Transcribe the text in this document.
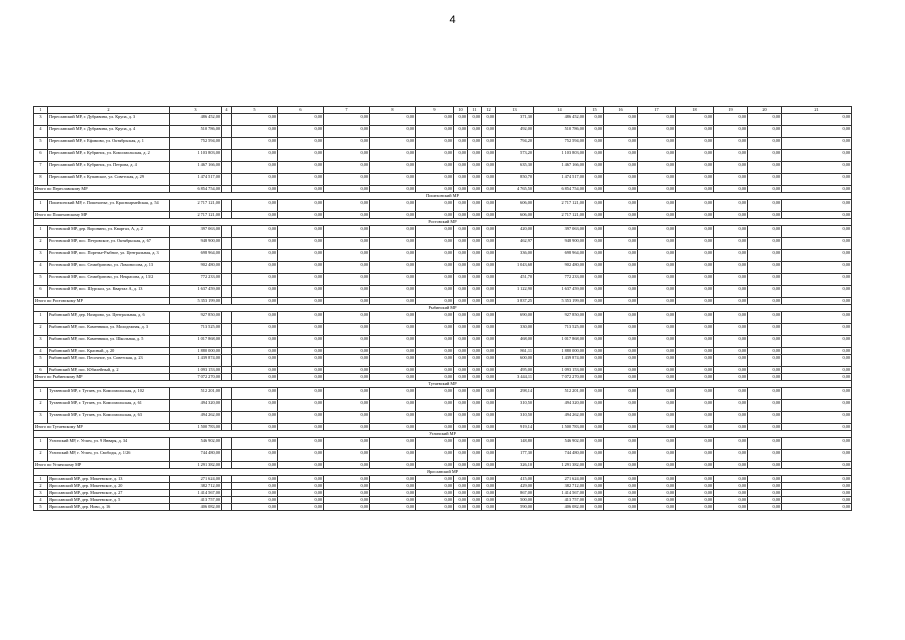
4
1	2	3	4	5	6	7	8	9	10	11	12	13	14	15	16	17	18	19	20	21
3	Переславский МР, г. Дубравина, ул. Крупа, д. 3	486 452,00		0,00	0,00	0,00	0,00	0,00	0,00	0,00	0,00	371,30	486 452,00	0,00	0,00	0,00	0,00	0,00	0,00	0,00
4	Переславский МР, г. Дубравина, ул. Крупа, д. 4	510 786,00		0,00	0,00	0,00	0,00	0,00	0,00	0,00	0,00	492,00	510 786,00	0,00	0,00	0,00	0,00	0,00	0,00	0,00
5	Переславский МР, г. Ефимово, ул. Октябрьская, д. 1	752 594,00		0,00	0,00	0,00	0,00	0,00	0,00	0,00	0,00	794,20	752 594,00	0,00	0,00	0,00	0,00	0,00	0,00	0,00
6	Переславский МР, г. Кубринск, ул. Комсомольская, д. 2	1 103 803,00		0,00	0,00	0,00	0,00	0,00	0,00	0,00	0,00	573,20	1 103 803,00	0,00	0,00	0,00	0,00	0,00	0,00	0,00
7	Переславский МР, г. Кубринск, ул. Петрова, д. 4	1 467 166,00		0,00	0,00	0,00	0,00	0,00	0,00	0,00	0,00	635,30	1 467 166,00	0,00	0,00	0,00	0,00	0,00	0,00	0,00
8	Переславский МР, г. Купанское, ул. Советская, д. 29	1 474 517,00		0,00	0,00	0,00	0,00	0,00	0,00	0,00	0,00	850,70	1 474 517,00	0,00	0,00	0,00	0,00	0,00	0,00	0,00
Итого по Переславскому МР		6 854 754,00		0,00	0,00	0,00	0,00	0,00	0,00	0,00	0,00	4 765,50	6 854 754,00	0,00	0,00	0,00	0,00	0,00	0,00	0,00
Пошехонский МР																				
1	Пошехонский МР, г. Пошехонье, ул. Красноармейская, д. 54	2 717 121,00		0,00	0,00	0,00	0,00	0,00	0,00	0,00	0,00	606,00	2 717 121,00	0,00	0,00	0,00	0,00	0,00	0,00	0,00
Итого по Пошехонскому МР		2 717 121,00		0,00	0,00	0,00	0,00	0,00	0,00	0,00	0,00	606,00	2 717 121,00	0,00	0,00	0,00	0,00	0,00	0,00	0,00
Ростовский МР																				
1	Ростовский МР, дер. Воронино, ул. Квартал, А, д. 2	397 063,00		0,00	0,00	0,00	0,00	0,00	0,00	0,00	0,00	420,00	397 063,00	0,00	0,00	0,00	0,00	0,00	0,00	0,00
2	Ростовский МР, пос. Петровское, ул. Октябрьская, д. 67	948 900,00		0,00	0,00	0,00	0,00	0,00	0,00	0,00	0,00	462,97	948 900,00	0,00	0,00	0,00	0,00	0,00	0,00	0,00
3	Ростовский МР, пос. Поречье-Рыбное, ул. Центральная, д. 3	698 964,00		0,00	0,00	0,00	0,00	0,00	0,00	0,00	0,00	336,00	698 964,00	0,00	0,00	0,00	0,00	0,00	0,00	0,00
4	Ростовский МР, пос. Семибратово, ул. Ломоносова, д. 13	902 480,00		0,00	0,00	0,00	0,00	0,00	0,00	0,00	0,00	1 043,68	902 480,00	0,00	0,00	0,00	0,00	0,00	0,00	0,00
5	Ростовский МР, пос. Семибратово, ул. Некрасова, д. 13/2	772 233,00		0,00	0,00	0,00	0,00	0,00	0,00	0,00	0,00	451,70	772 233,00	0,00	0,00	0,00	0,00	0,00	0,00	0,00
6	Ростовский МР, пос. Шурскол, ул. Квартал А, д. 13	1 637 459,00		0,00	0,00	0,00	0,00	0,00	0,00	0,00	0,00	1 122,90	1 637 459,00	0,00	0,00	0,00	0,00	0,00	0,00	0,00
Итого по Ростовскому МР		5 353 199,00		0,00	0,00	0,00	0,00	0,00	0,00	0,00	0,00	3 837,25	5 353 199,00	0,00	0,00	0,00	0,00	0,00	0,00	0,00
Рыбинский МР																				
1	Рыбинский МР, дер. Назарово, ул. Центральная, д. 6	927 850,00		0,00	0,00	0,00	0,00	0,00	0,00	0,00	0,00	690,00	927 850,00	0,00	0,00	0,00	0,00	0,00	0,00	0,00
2	Рыбинский МР, пос. Каменники, ул. Молодежная, д. 3	713 525,00		0,00	0,00	0,00	0,00	0,00	0,00	0,00	0,00	330,00	713 525,00	0,00	0,00	0,00	0,00	0,00	0,00	0,00
3	Рыбинский МР, пос. Каменники, ул. Школьная, д. 5	1 017 868,00		0,00	0,00	0,00	0,00	0,00	0,00	0,00	0,00	468,00	1 017 868,00	0,00	0,00	0,00	0,00	0,00	0,00	0,00
4	Рыбинский МР, пос. Красный, д. 20	1 880 000,00		0,00	0,00	0,00	0,00	0,00	0,00	0,00	0,00	861,11	1 880 000,00	0,00	0,00	0,00	0,00	0,00	0,00	0,00
5	Рыбинский МР, пос. Песочное, ул. Советская, д. 23	1 439 874,00		0,00	0,00	0,00	0,00	0,00	0,00	0,00	0,00	600,00	1 439 874,00	0,00	0,00	0,00	0,00	0,00	0,00	0,00
6	Рыбинский МР, пос. Юбилейный, д. 2	1 093 153,00		0,00	0,00	0,00	0,00	0,00	0,00	0,00	0,00	495,00	1 093 153,00	0,00	0,00	0,00	0,00	0,00	0,00	0,00
Итого по Рыбинскому МР		7 072 270,00		0,00	0,00	0,00	0,00	0,00	0,00	0,00	0,00	3 444,11	7 072 270,00	0,00	0,00	0,00	0,00	0,00	0,00	0,00
Тутаевский МР																				
1	Тутаевский МР, г. Тутаев, ул. Комсомольская, д. 102	512 201,00		0,00	0,00	0,00	0,00	0,00	0,00	0,00	0,00	298,14	512 201,00	0,00	0,00	0,00	0,00	0,00	0,00	0,00
2	Тутаевский МР, г. Тутаев, ул. Комсомольская, д. 61	494 320,00		0,00	0,00	0,00	0,00	0,00	0,00	0,00	0,00	310,50	494 320,00	0,00	0,00	0,00	0,00	0,00	0,00	0,00
3	Тутаевский МР, г. Тутаев, ул. Комсомольская, д. 63	494 262,00		0,00	0,00	0,00	0,00	0,00	0,00	0,00	0,00	310,50	494 262,00	0,00	0,00	0,00	0,00	0,00	0,00	0,00
Итого по Тутаевскому МР		1 500 783,00		0,00	0,00	0,00	0,00	0,00	0,00	0,00	0,00	919,14	1 500 783,00	0,00	0,00	0,00	0,00	0,00	0,00	0,00
Угличский МР																				
1	Угличский МР, г. Углич, ул. 9 Января, д. 34	546 902,00		0,00	0,00	0,00	0,00	0,00	0,00	0,00	0,00	148,80	546 902,00	0,00	0,00	0,00	0,00	0,00	0,00	0,00
2	Угличский МР, г. Углич, ул. Свободы, д. 1/26	744 480,00		0,00	0,00	0,00	0,00	0,00	0,00	0,00	0,00	177,30	744 480,00	0,00	0,00	0,00	0,00	0,00	0,00	0,00
Итого по Угличскому МР		1 291 382,00		0,00	0,00	0,00	0,00	0,00	0,00	0,00	0,00	326,10	1 291 382,00	0,00	0,00	0,00	0,00	0,00	0,00	0,00
Ярославский МР																				
1	Ярославский МР, дер. Мокеевское, д. 13	271 624,00		0,00	0,00	0,00	0,00	0,00	0,00	0,00	0,00	415,00	271 624,00	0,00	0,00	0,00	0,00	0,00	0,00	0,00
2	Ярославский МР, дер. Мокеевское, д. 20	382 712,00		0,00	0,00	0,00	0,00	0,00	0,00	0,00	0,00	429,00	382 712,00	0,00	0,00	0,00	0,00	0,00	0,00	0,00
3	Ярославский МР, дер. Мокеевское, д. 27	1 414 567,00		0,00	0,00	0,00	0,00	0,00	0,00	0,00	0,00	867,00	1 414 567,00	0,00	0,00	0,00	0,00	0,00	0,00	0,00
4	Ярославский МР, дер. Мокеевское, д. 5	413 757,00		0,00	0,00	0,00	0,00	0,00	0,00	0,00	0,00	500,00	413 757,00	0,00	0,00	0,00	0,00	0,00	0,00	0,00
5	Ярославский МР, дер. Ново, д. 16	406 082,00		0,00	0,00	0,00	0,00	0,00	0,00	0,00	0,00	590,00	406 082,00	0,00	0,00	0,00	0,00	0,00	0,00	0,00
